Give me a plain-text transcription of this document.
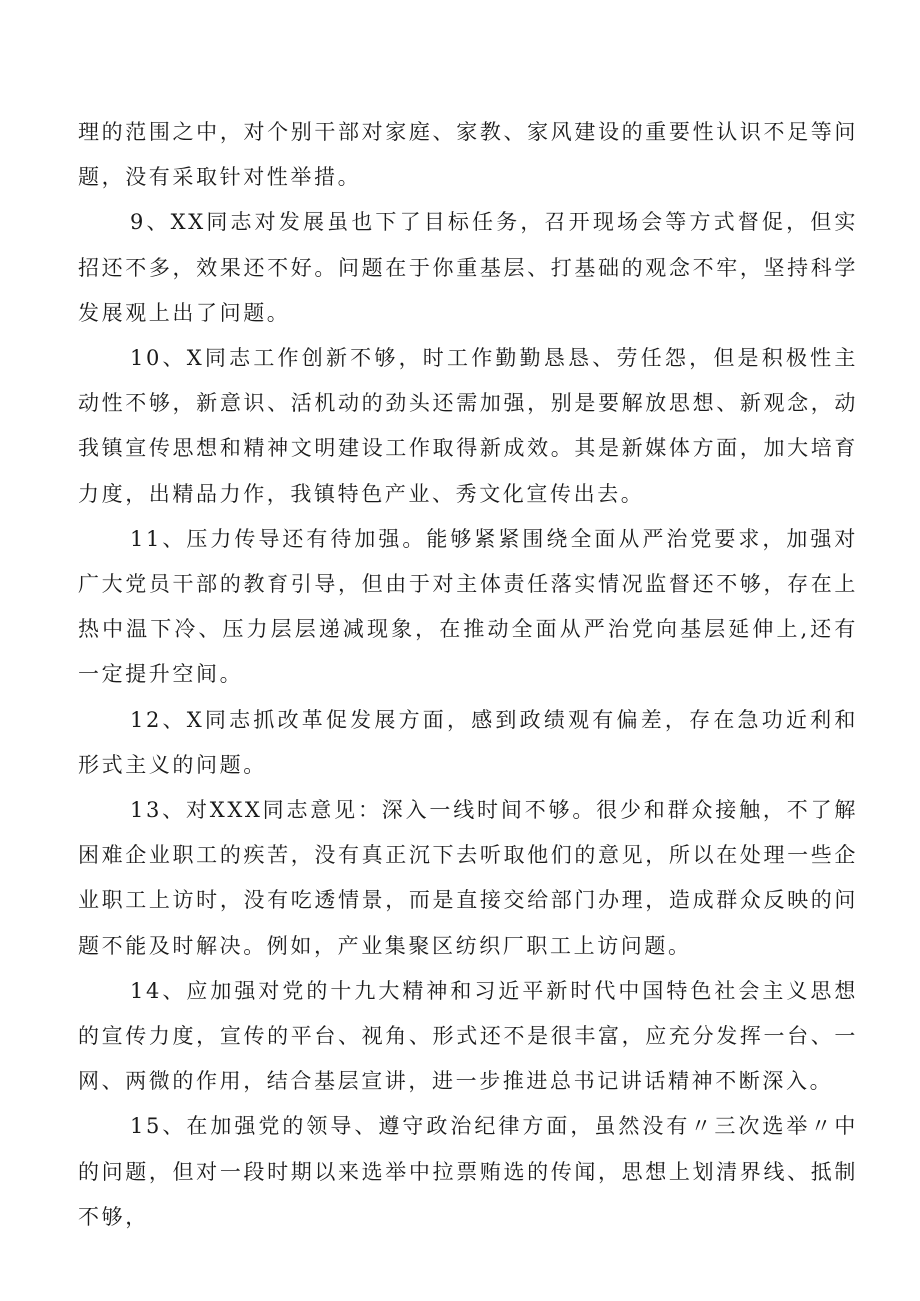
理的范围之中，对个别干部对家庭、家教、家风建设的重要性认识不足等问题，没有采取针对性举措。

9、XX同志对发展虽也下了目标任务，召开现场会等方式督促，但实招还不多，效果还不好。问题在于你重基层、打基础的观念不牢，坚持科学发展观上出了问题。

10、X同志工作创新不够，时工作勤勤恳恳、劳任怨，但是积极性主动性不够，新意识、活机动的劲头还需加强，别是要解放思想、新观念，动我镇宣传思想和精神文明建设工作取得新成效。其是新媒体方面，加大培育力度，出精品力作，我镇特色产业、秀文化宣传出去。

11、压力传导还有待加强。能够紧紧围绕全面从严治党要求，加强对广大党员干部的教育引导，但由于对主体责任落实情况监督还不够，存在上热中温下冷、压力层层递减现象，在推动全面从严治党向基层延伸上,还有一定提升空间。

12、X同志抓改革促发展方面，感到政绩观有偏差，存在急功近利和形式主义的问题。

13、对XXX同志意见：深入一线时间不够。很少和群众接触，不了解困难企业职工的疾苦，没有真正沉下去听取他们的意见，所以在处理一些企业职工上访时，没有吃透情景，而是直接交给部门办理，造成群众反映的问题不能及时解决。例如，产业集聚区纺织厂职工上访问题。

14、应加强对党的十九大精神和习近平新时代中国特色社会主义思想的宣传力度，宣传的平台、视角、形式还不是很丰富，应充分发挥一台、一网、两微的作用，结合基层宣讲，进一步推进总书记讲话精神不断深入。

15、在加强党的领导、遵守政治纪律方面，虽然没有〃三次选举〃中的问题，但对一段时期以来选举中拉票贿选的传闻，思想上划清界线、抵制不够，
